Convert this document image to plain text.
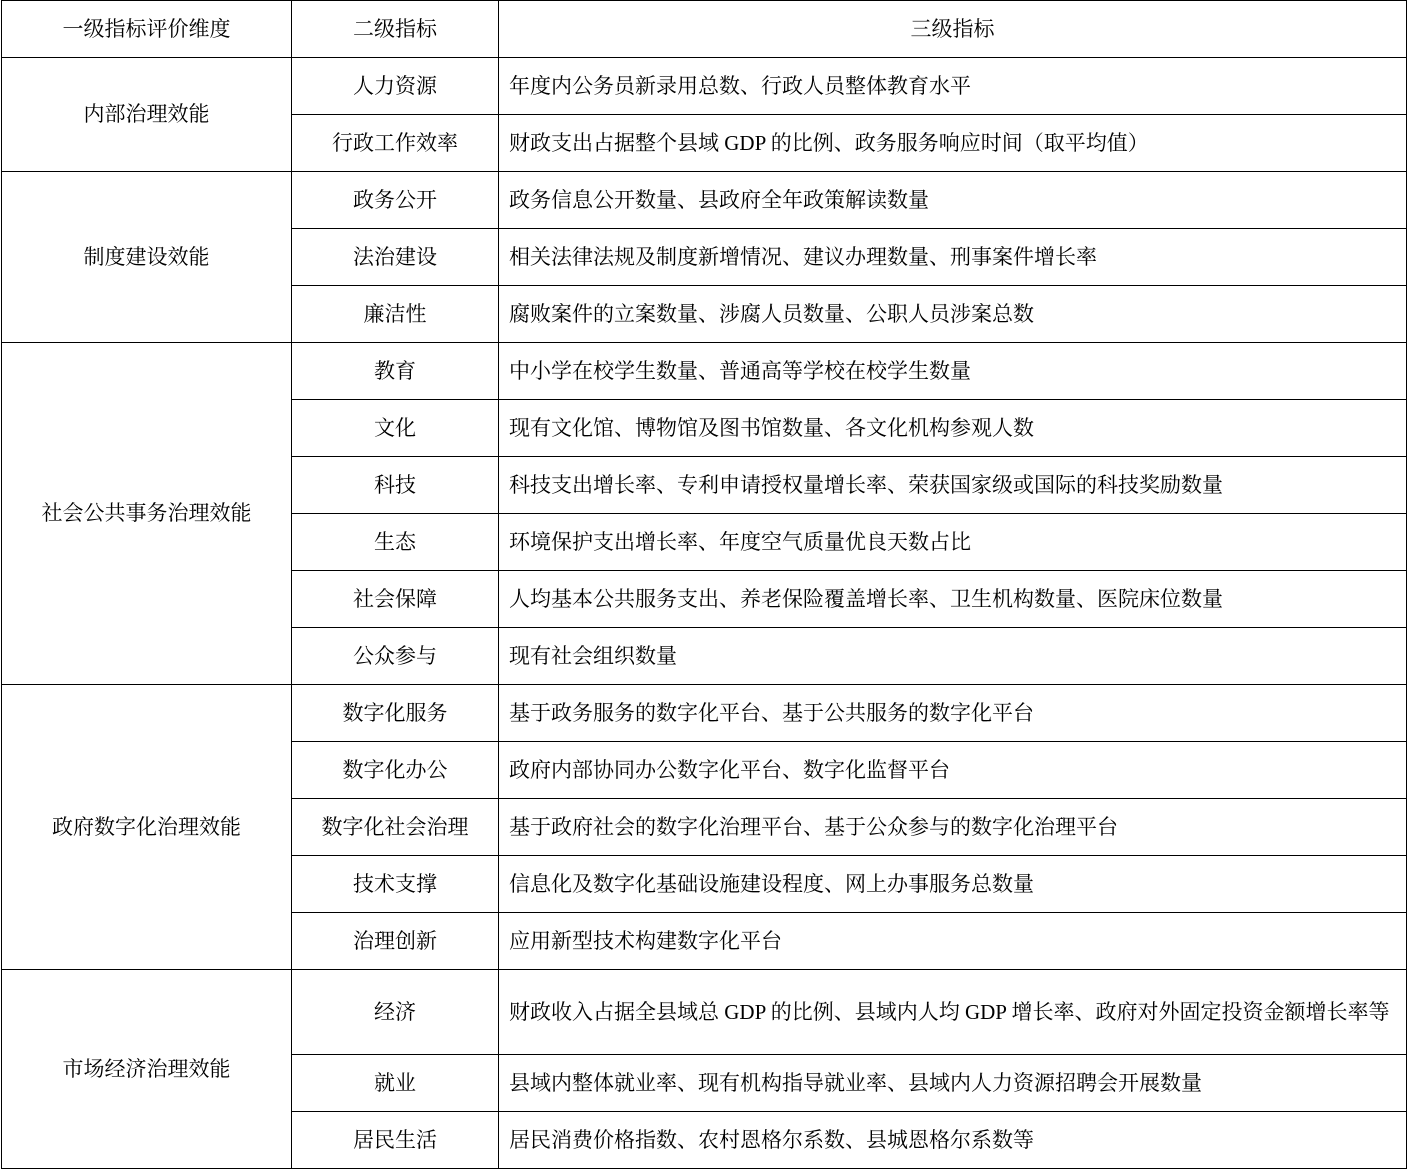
一级指标评价维度	二级指标	三级指标
内部治理效能	人力资源	年度内公务员新录用总数、行政人员整体教育水平
	行政工作效率	财政支出占据整个县域 GDP 的比例、政务服务响应时间（取平均值）
制度建设效能	政务公开	政务信息公开数量、县政府全年政策解读数量
	法治建设	相关法律法规及制度新增情况、建议办理数量、刑事案件增长率
	廉洁性	腐败案件的立案数量、涉腐人员数量、公职人员涉案总数
社会公共事务治理效能	教育	中小学在校学生数量、普通高等学校在校学生数量
	文化	现有文化馆、博物馆及图书馆数量、各文化机构参观人数
	科技	科技支出增长率、专利申请授权量增长率、荣获国家级或国际的科技奖励数量
	生态	环境保护支出增长率、年度空气质量优良天数占比
	社会保障	人均基本公共服务支出、养老保险覆盖增长率、卫生机构数量、医院床位数量
	公众参与	现有社会组织数量
政府数字化治理效能	数字化服务	基于政务服务的数字化平台、基于公共服务的数字化平台
	数字化办公	政府内部协同办公数字化平台、数字化监督平台
	数字化社会治理	基于政府社会的数字化治理平台、基于公众参与的数字化治理平台
	技术支撑	信息化及数字化基础设施建设程度、网上办事服务总数量
	治理创新	应用新型技术构建数字化平台
市场经济治理效能	经济	财政收入占据全县域总 GDP 的比例、县域内人均 GDP 增长率、政府对外固定投资金额增长率等
	就业	县域内整体就业率、现有机构指导就业率、县域内人力资源招聘会开展数量
	居民生活	居民消费价格指数、农村恩格尔系数、县城恩格尔系数等
